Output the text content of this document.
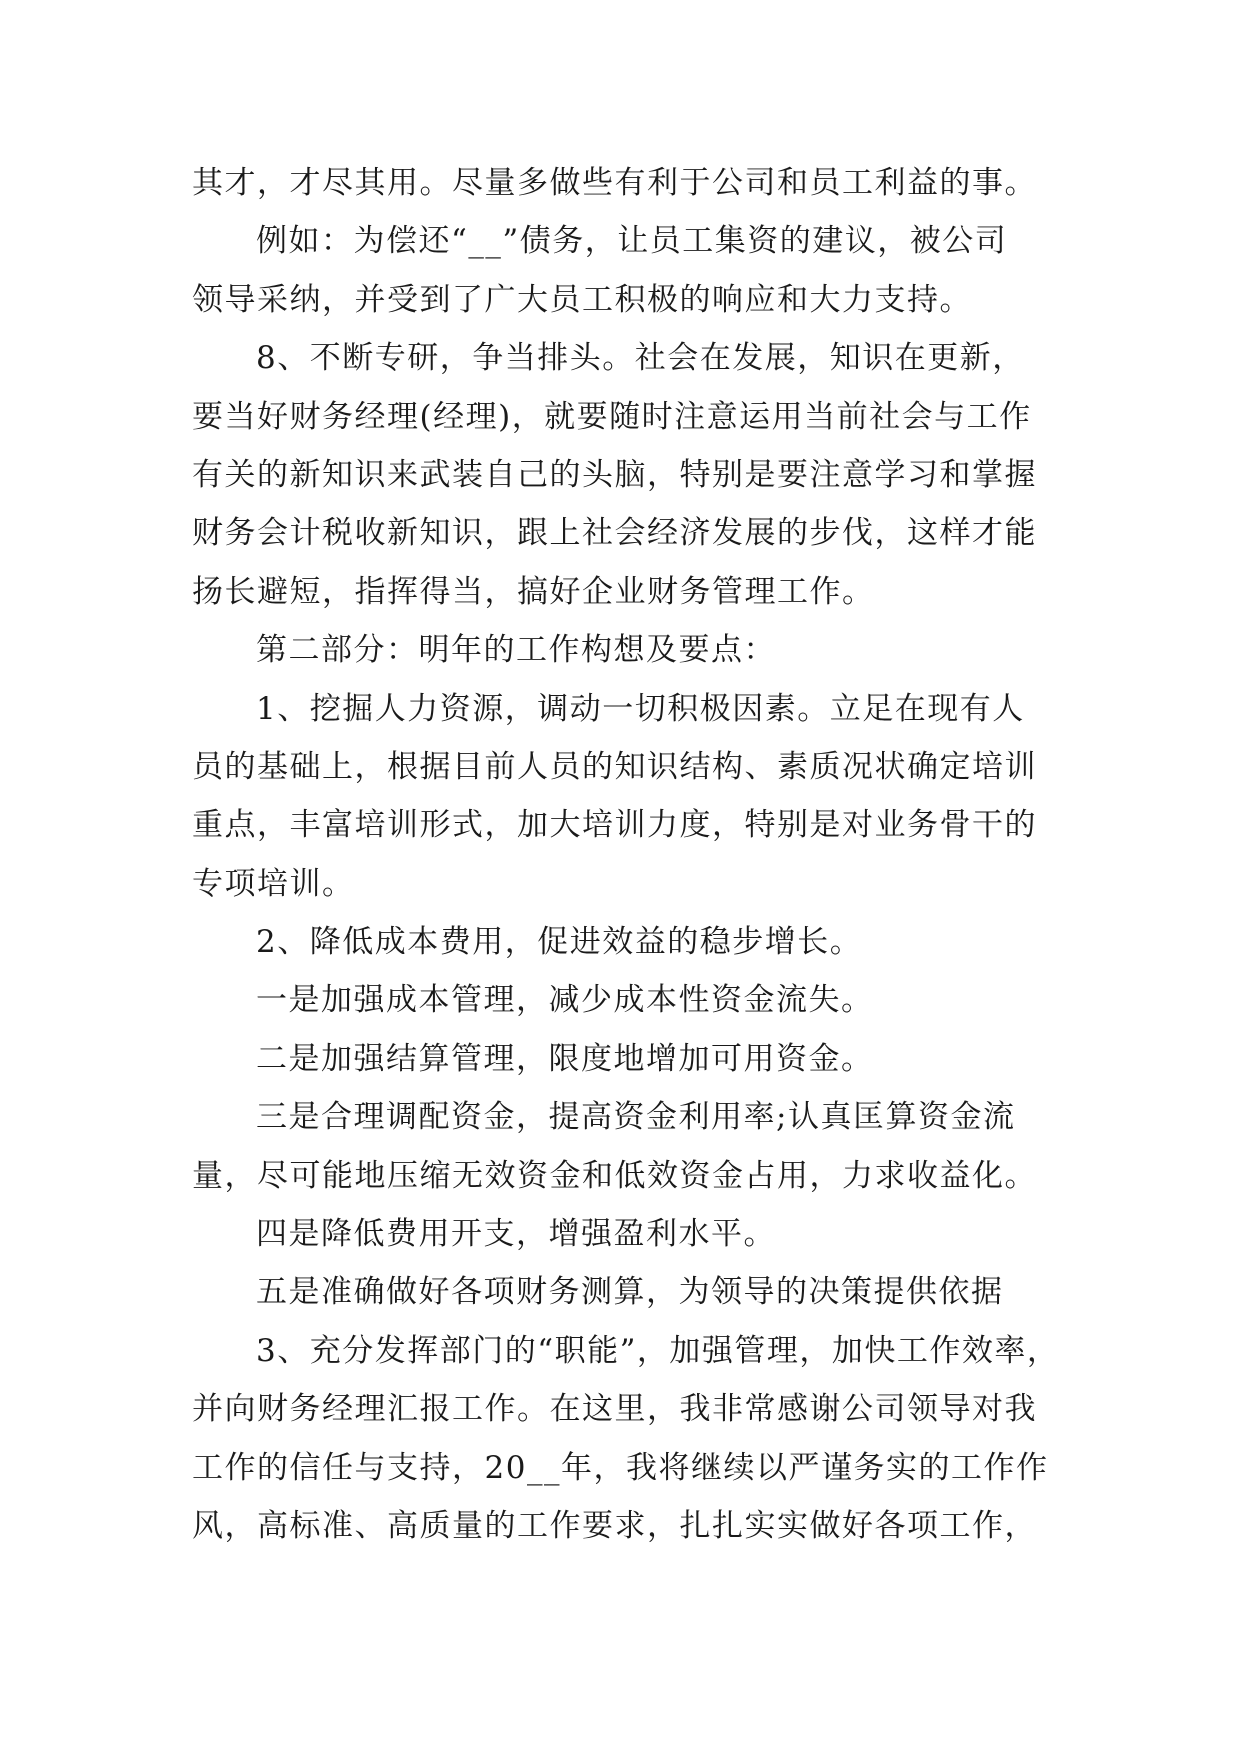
其才，才尽其用。尽量多做些有利于公司和员工利益的事。
例如：为偿还“__”债务，让员工集资的建议，被公司
领导采纳，并受到了广大员工积极的响应和大力支持。
8、不断专研，争当排头。社会在发展，知识在更新，
要当好财务经理(经理)，就要随时注意运用当前社会与工作
有关的新知识来武装自己的头脑，特别是要注意学习和掌握
财务会计税收新知识，跟上社会经济发展的步伐，这样才能
扬长避短，指挥得当，搞好企业财务管理工作。
第二部分：明年的工作构想及要点：
1、挖掘人力资源，调动一切积极因素。立足在现有人
员的基础上，根据目前人员的知识结构、素质况状确定培训
重点，丰富培训形式，加大培训力度，特别是对业务骨干的
专项培训。
2、降低成本费用，促进效益的稳步增长。
一是加强成本管理，减少成本性资金流失。
二是加强结算管理，限度地增加可用资金。
三是合理调配资金，提高资金利用率;认真匡算资金流
量，尽可能地压缩无效资金和低效资金占用，力求收益化。
四是降低费用开支，增强盈利水平。
五是准确做好各项财务测算，为领导的决策提供依据
3、充分发挥部门的“职能”，加强管理，加快工作效率，
并向财务经理汇报工作。在这里，我非常感谢公司领导对我
工作的信任与支持，20__年，我将继续以严谨务实的工作作
风，高标准、高质量的工作要求，扎扎实实做好各项工作，
